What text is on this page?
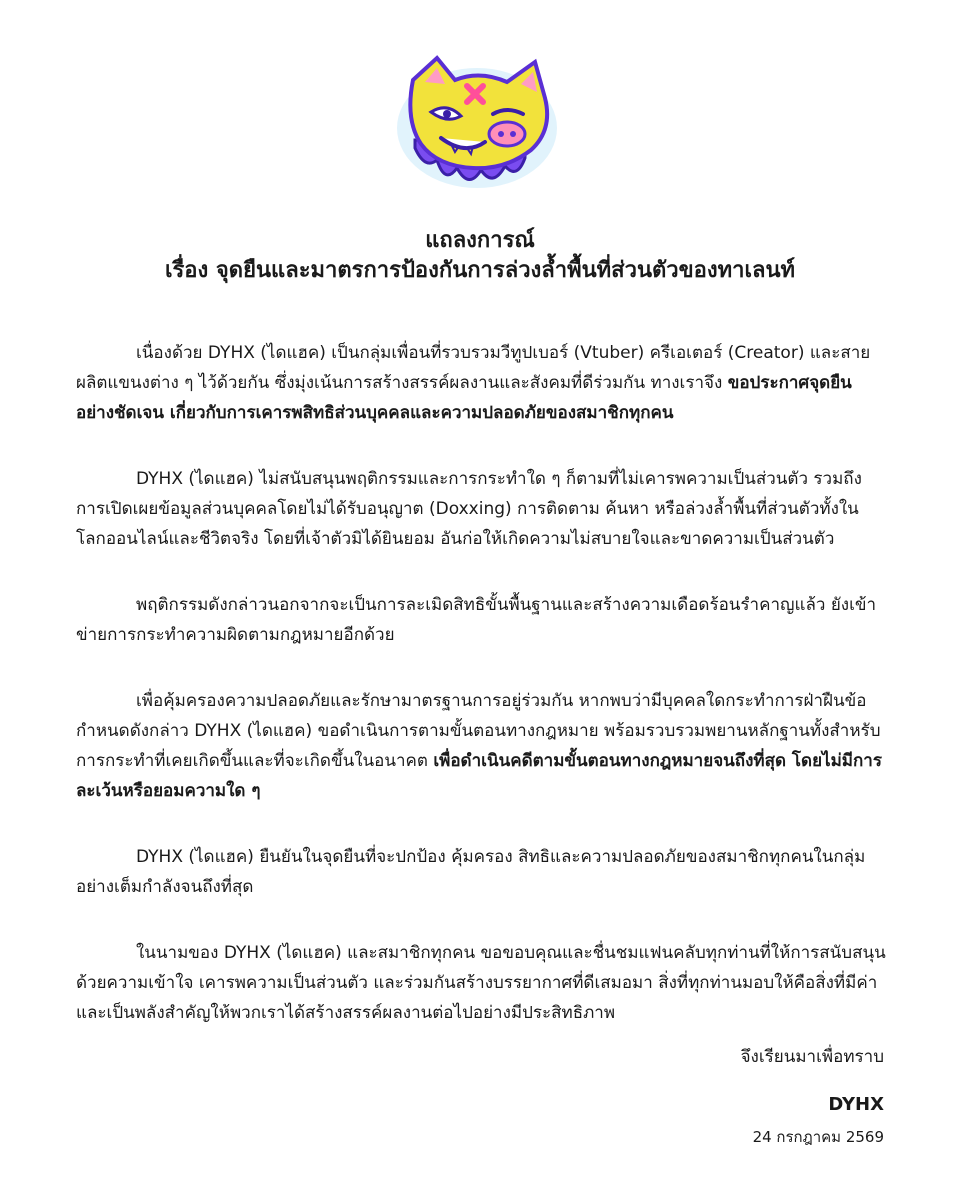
แถลงการณ์

เรื่อง จุดยืนและมาตรการป้องกันการล่วงล้ำพื้นที่ส่วนตัวของทาเลนท์

เนื่องด้วย DYHX (ไดแฮค) เป็นกลุ่มเพื่อนที่รวบรวมวีทูปเบอร์ (Vtuber) ครีเอเตอร์ (Creator) และสายผลิตแขนงต่าง ๆ ไว้ด้วยกัน ซึ่งมุ่งเน้นการสร้างสรรค์ผลงานและสังคมที่ดีร่วมกัน ทางเราจึง ขอประกาศจุดยืนอย่างชัดเจน เกี่ยวกับการเคารพสิทธิส่วนบุคคลและความปลอดภัยของสมาชิกทุกคน

DYHX (ไดแฮค) ไม่สนับสนุนพฤติกรรมและการกระทำใด ๆ ก็ตามที่ไม่เคารพความเป็นส่วนตัว รวมถึงการเปิดเผยข้อมูลส่วนบุคคลโดยไม่ได้รับอนุญาต (Doxxing) การติดตาม ค้นหา หรือล่วงล้ำพื้นที่ส่วนตัวทั้งในโลกออนไลน์และชีวิตจริง โดยที่เจ้าตัวมิได้ยินยอม อันก่อให้เกิดความไม่สบายใจและขาดความเป็นส่วนตัว

พฤติกรรมดังกล่าวนอกจากจะเป็นการละเมิดสิทธิขั้นพื้นฐานและสร้างความเดือดร้อนรำคาญแล้ว ยังเข้าข่ายการกระทำความผิดตามกฎหมายอีกด้วย

เพื่อคุ้มครองความปลอดภัยและรักษามาตรฐานการอยู่ร่วมกัน หากพบว่ามีบุคคลใดกระทำการฝ่าฝืนข้อกำหนดดังกล่าว DYHX (ไดแฮค) ขอดำเนินการตามขั้นตอนทางกฎหมาย พร้อมรวบรวมพยานหลักฐานทั้งสำหรับการกระทำที่เคยเกิดขึ้นและที่จะเกิดขึ้นในอนาคต เพื่อดำเนินคดีตามขั้นตอนทางกฎหมายจนถึงที่สุด โดยไม่มีการละเว้นหรือยอมความใด ๆ

DYHX (ไดแฮค) ยืนยันในจุดยืนที่จะปกป้อง คุ้มครอง สิทธิและความปลอดภัยของสมาชิกทุกคนในกลุ่มอย่างเต็มกำลังจนถึงที่สุด

ในนามของ DYHX (ไดแฮค) และสมาชิกทุกคน ขอขอบคุณและชื่นชมแฟนคลับทุกท่านที่ให้การสนับสนุนด้วยความเข้าใจ เคารพความเป็นส่วนตัว และร่วมกันสร้างบรรยากาศที่ดีเสมอมา สิ่งที่ทุกท่านมอบให้คือสิ่งที่มีค่าและเป็นพลังสำคัญให้พวกเราได้สร้างสรรค์ผลงานต่อไปอย่างมีประสิทธิภาพ

จึงเรียนมาเพื่อทราบ

DYHX

24 กรกฎาคม 2569
